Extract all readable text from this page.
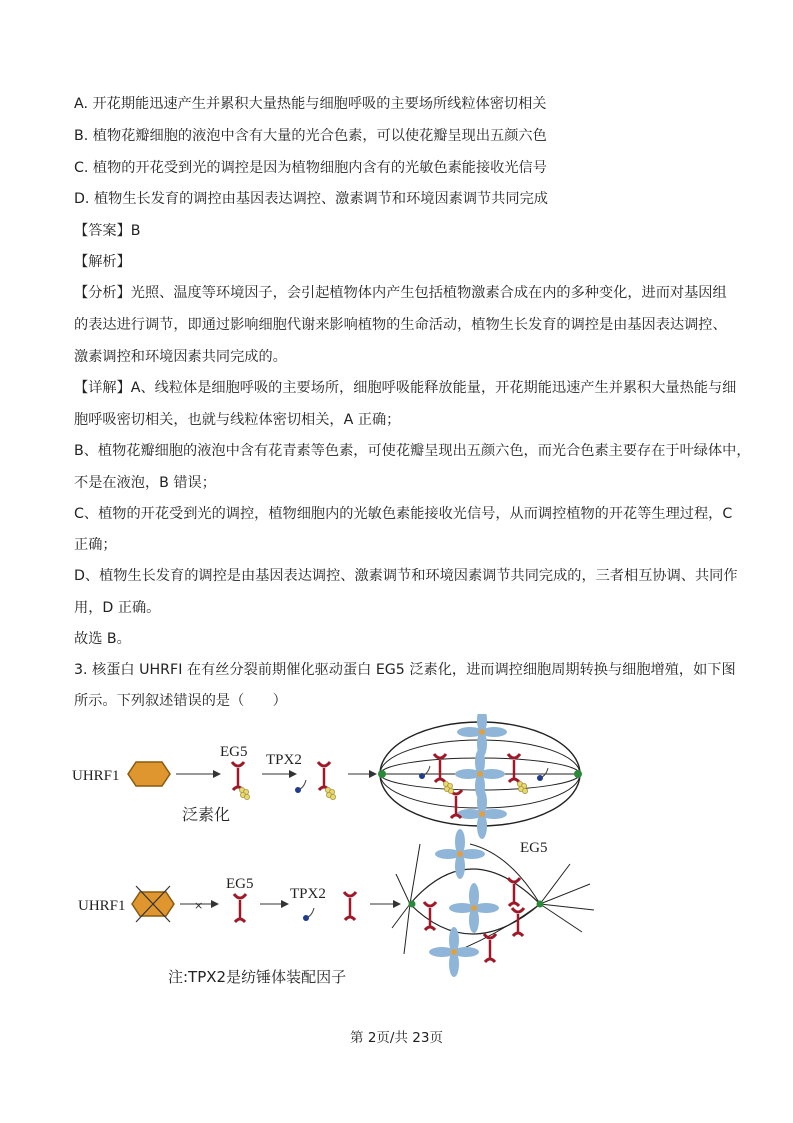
A. 开花期能迅速产生并累积大量热能与细胞呼吸的主要场所线粒体密切相关
B. 植物花瓣细胞的液泡中含有大量的光合色素，可以使花瓣呈现出五颜六色
C. 植物的开花受到光的调控是因为植物细胞内含有的光敏色素能接收光信号
D. 植物生长发育的调控由基因表达调控、激素调节和环境因素调节共同完成
【答案】B
【解析】
【分析】光照、温度等环境因子，会引起植物体内产生包括植物激素合成在内的多种变化，进而对基因组
的表达进行调节，即通过影响细胞代谢来影响植物的生命活动，植物生长发育的调控是由基因表达调控、
激素调控和环境因素共同完成的。
【详解】A、线粒体是细胞呼吸的主要场所，细胞呼吸能释放能量，开花期能迅速产生并累积大量热能与细
胞呼吸密切相关，也就与线粒体密切相关，A 正确；
B、植物花瓣细胞的液泡中含有花青素等色素，可使花瓣呈现出五颜六色，而光合色素主要存在于叶绿体中，
不是在液泡，B 错误；
C、植物的开花受到光的调控，植物细胞内的光敏色素能接收光信号，从而调控植物的开花等生理过程，C
正确；
D、植物生长发育的调控是由基因表达调控、激素调节和环境因素调节共同完成的，三者相互协调、共同作
用，D 正确。
故选 B。
3. 核蛋白 UHRFI 在有丝分裂前期催化驱动蛋白 EG5 泛素化，进而调控细胞周期转换与细胞增殖，如下图
所示。下列叙述错误的是（　　）
UHRF1
EG5
泛素化
TPX2
UHRF1	×
EG5
TPX2
EG5
注:TPX2是纺锤体装配因子
第 2页/共 23页
